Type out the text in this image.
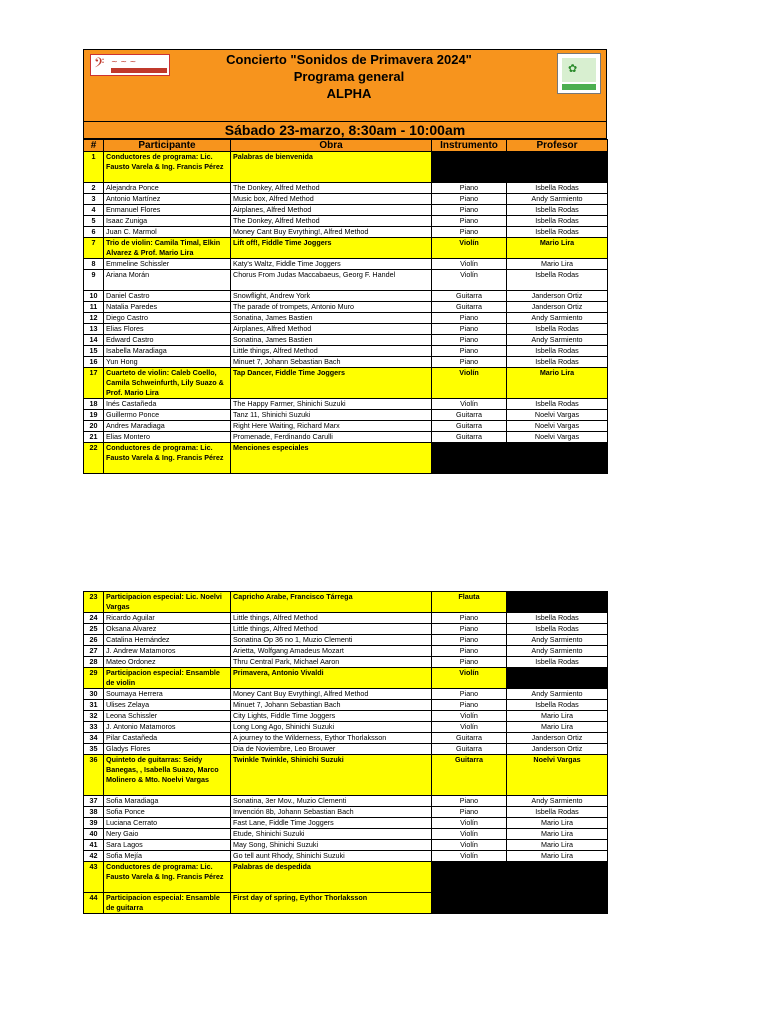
𝄢 ~ ~ ~	Concierto "Sonidos de Primavera 2024"
Programa general
ALPHA
✿
Sábado 23-marzo, 8:30am - 10:00am
#	Participante	Obra	Instrumento	Profesor
1	Conductores de programa: Lic. Fausto Varela & Ing. Francis Pérez	Palabras de bienvenida		
2	Alejandra Ponce	The Donkey, Alfred Method	Piano	Isbella Rodas
3	Antonio Martínez	Music box, Alfred Method	Piano	Andy Sarmiento
4	Enmanuel Flores	Airplanes, Alfred Method	Piano	Isbella Rodas
5	Isaac Zuniga	The Donkey, Alfred Method	Piano	Isbella Rodas
6	Juan C. Marmol	Money Cant Buy Evrything!, Alfred Method	Piano	Isbella Rodas
7	Trio de violin: Camila Timal, Elkin Alvarez & Prof. Mario Lira	Lift off!, Fiddle Time Joggers	Violín	Mario Lira
8	Emmeline Schissler	Katy's Waltz, Fiddle Time Joggers	Violín	Mario Lira
9	Ariana Morán	Chorus From Judas Maccabaeus, Georg F. Handel	Violín	Isbella Rodas
10	Daniel Castro	Snowflight, Andrew York	Guitarra	Janderson Ortiz
11	Natalia Paredes	The parade of trompets, Antonio Muro	Guitarra	Janderson Ortiz
12	Diego Castro	Sonatina, James Bastien	Piano	Andy Sarmiento
13	Elias Flores	Airplanes, Alfred Method	Piano	Isbella Rodas
14	Edward Castro	Sonatina, James Bastien	Piano	Andy Sarmiento
15	Isabella Maradiaga	Little things, Alfred Method	Piano	Isbella Rodas
16	Yun Hong	Minuet 7, Johann Sebastian Bach	Piano	Isbella Rodas
17	Cuarteto de violin: Caleb Coello, Camila Schweinfurth, Lily Suazo & Prof. Mario Lira	Tap Dancer, Fiddle Time Joggers	Violín	Mario Lira
18	Inés Castañeda	The Happy Farmer, Shinichi Suzuki	Violín	Isbella Rodas
19	Guillermo Ponce	Tanz 11, Shinichi Suzuki	Guitarra	Noelvi Vargas
20	Andres Maradiaga	Right Here Waiting, Richard Marx	Guitarra	Noelvi Vargas
21	Elias Montero	Promenade, Ferdinando Carulli	Guitarra	Noelvi Vargas
22	Conductores de programa: Lic. Fausto Varela & Ing. Francis Pérez	Menciones especiales		
23	Participacion especial: Lic. Noelvi Vargas	Capricho Arabe, Francisco Tárrega	Flauta	
24	Ricardo Aguilar	Little things, Alfred Method	Piano	Isbella Rodas
25	Oksana Alvarez	Little things, Alfred Method	Piano	Isbella Rodas
26	Catalina Hernández	Sonatina Op 36 no 1, Muzio Clementi	Piano	Andy Sarmiento
27	J. Andrew Matamoros	Arietta, Wolfgang Amadeus Mozart	Piano	Andy Sarmiento
28	Mateo Ordonez	Thru Central Park, Michael Aaron	Piano	Isbella Rodas
29	Participacion especial: Ensamble de violin	Primavera, Antonio Vivaldi	Violín	
30	Soumaya Herrera	Money Cant Buy Evrything!, Alfred Method	Piano	Andy Sarmiento
31	Ulises Zelaya	Minuet 7, Johann Sebastian Bach	Piano	Isbella Rodas
32	Leona Schissler	City Lights, Fiddle Time Joggers	Violín	Mario Lira
33	J. Antonio Matamoros	Long Long Ago, Shinichi Suzuki	Violín	Mario Lira
34	Pilar Castañeda	A journey to the Wilderness, Eythor Thorlaksson	Guitarra	Janderson Ortiz
35	Gladys Flores	Dia de Noviembre, Leo Brouwer	Guitarra	Janderson Ortiz
36	Quinteto de guitarras: Seidy Banegas, , Isabella Suazo, Marco Molinero & Mto. Noelvi Vargas	Twinkle Twinkle, Shinichi Suzuki	Guitarra	Noelvi Vargas
37	Sofia Maradiaga	Sonatina, 3er Mov., Muzio Clementi	Piano	Andy Sarmiento
38	Sofia Ponce	Invención 8b, Johann Sebastian Bach	Piano	Isbella Rodas
39	Luciana Cerrato	Fast Lane, Fiddle Time Joggers	Violín	Mario Lira
40	Nery Gaio	Etude, Shinichi Suzuki	Violín	Mario Lira
41	Sara Lagos	May Song, Shinichi Suzuki	Violín	Mario Lira
42	Sofia Mejía	Go tell aunt Rhody, Shinichi Suzuki	Violín	Mario Lira
43	Conductores de programa: Lic. Fausto Varela & Ing. Francis Pérez	Palabras de despedida		
44	Participacion especial: Ensamble de guitarra	First day of spring, Eythor Thorlaksson		
